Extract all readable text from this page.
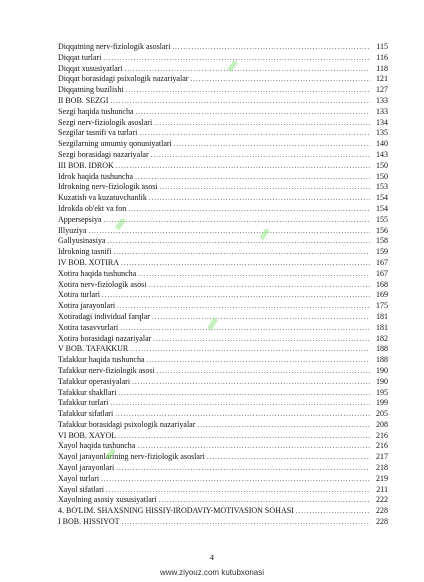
Diqqatning nerv-fiziologik asoslari .....	115
Diqqat turlari .....	116
Diqqat xususiyatlari .....	118
Diqqat borasidagi psixologik nazariyalar .....	121
Diqqatning buzilishi .....	127
II BOB. SEZGI .....	133
Sezgi haqida tushuncha .....	133
Sezgi nerv-fiziologik asoslari .....	134
Sezgilar tasnifi va turlari .....	135
Sezgilarning umumiy qonuniyatlari .....	140
Sezgi borasidagi nazariyalar .....	143
III BOB. IDROK .....	150
Idrok haqida tushuncha .....	150
Idrokning nerv-fiziologik asosi .....	153
Kuzatish va kuzatuvchanlik .....	154
Idrokda ob'ekt va fon .....	154
Appersepsiya .....	155
Illyuziya .....	156
Gallyusinasiya .....	158
Idrokning tasnifi .....	159
IV BOB. XOTIRA .....	167
Xotira haqida tushuncha .....	167
Xotira nerv-fiziologik asosi .....	168
Xotira turlari .....	169
Xotira jarayonlari .....	175
Xotiradagi individual farqlar .....	181
Xotira tasavvurlari .....	181
Xotira borasidagi nazariyalar .....	182
V BOB. TAFAKKUR .....	188
Tafakkur haqida tushuncha .....	188
Tafakkur nerv-fiziologik asosi .....	190
Tafakkur operasiyalari .....	190
Tafakkur shakllari .....	195
Tafakkur turlari .....	199
Tafakkur sifatlari .....	205
Tafakkur borasidagi psixologik nazariyalar .....	208
VI BOB. XAYOL .....	216
Xayol haqida tushuncha .....	216
Xayol jarayonlarining nerv-fiziologik asoslari .....	217
Xayol jarayonlari .....	218
Xayol turlari .....	219
Xayol sifatlari .....	211
Xayolning asosiy xususiyatlari .....	222
4. BO'LIM. SHAXSNING HISSIY-IRODAVIY-MOTIVASION SOHASI .....	228
I BOB. HISSIYOT .....	228
4
www.ziyouz.com kutubxonasi
